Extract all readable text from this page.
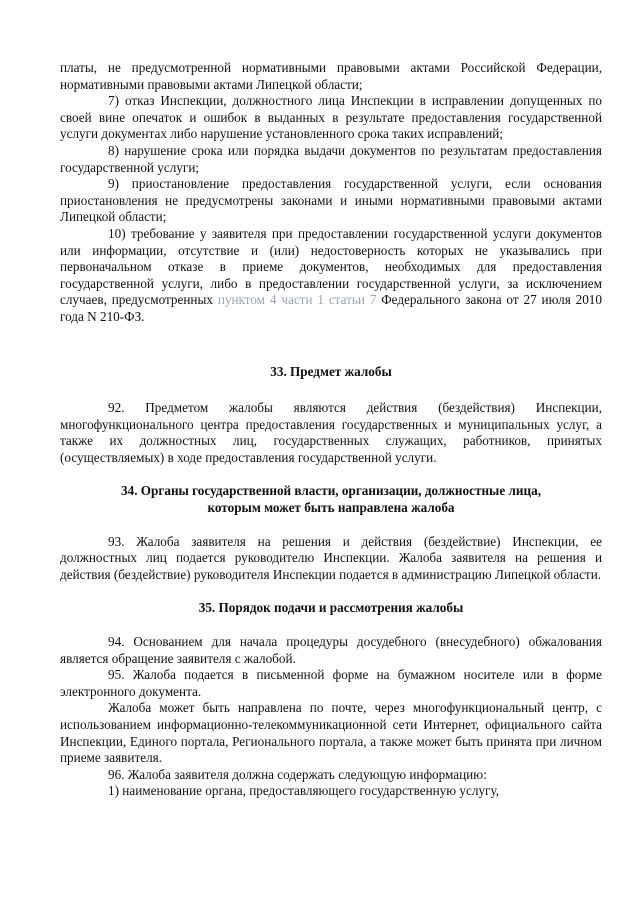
платы, не предусмотренной нормативными правовыми актами Российской Федерации, нормативными правовыми актами Липецкой области;

7) отказ Инспекции, должностного лица Инспекции в исправлении допущенных по своей вине опечаток и ошибок в выданных в результате предоставления государственной услуги документах либо нарушение установленного срока таких исправлений;

8) нарушение срока или порядка выдачи документов по результатам предоставления государственной услуги;

9) приостановление предоставления государственной услуги, если основания приостановления не предусмотрены законами и иными нормативными правовыми актами Липецкой области;

10) требование у заявителя при предоставлении государственной услуги документов или информации, отсутствие и (или) недостоверность которых не указывались при первоначальном отказе в приеме документов, необходимых для предоставления государственной услуги, либо в предоставлении государственной услуги, за исключением случаев, предусмотренных пунктом 4 части 1 статьи 7 Федерального закона от 27 июля 2010 года N 210-ФЗ.

33. Предмет жалобы

92. Предметом жалобы являются действия (бездействия) Инспекции, многофункционального центра предоставления государственных и муниципальных услуг, а также их должностных лиц, государственных служащих, работников, принятых (осуществляемых) в ходе предоставления государственной услуги.

34. Органы государственной власти, организации, должностные лица,

которым может быть направлена жалоба

93. Жалоба заявителя на решения и действия (бездействие) Инспекции, ее должностных лиц подается руководителю Инспекции. Жалоба заявителя на решения и действия (бездействие) руководителя Инспекции подается в администрацию Липецкой области.

35. Порядок подачи и рассмотрения жалобы

94. Основанием для начала процедуры досудебного (внесудебного) обжалования является обращение заявителя с жалобой.

95. Жалоба подается в письменной форме на бумажном носителе или в форме электронного документа.

Жалоба может быть направлена по почте, через многофункциональный центр, с использованием информационно-телекоммуникационной сети Интернет, официального сайта Инспекции, Единого портала, Регионального портала, а также может быть принята при личном приеме заявителя.

96. Жалоба заявителя должна содержать следующую информацию:

1) наименование органа, предоставляющего государственную услугу,
